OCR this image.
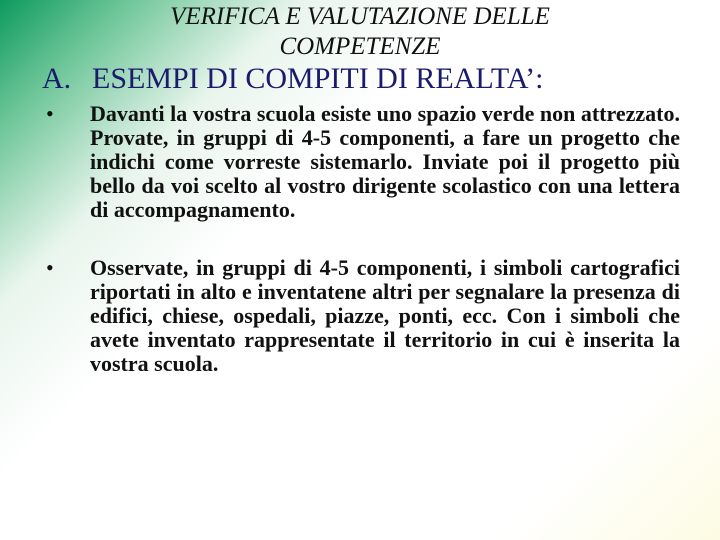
VERIFICA E VALUTAZIONE DELLE COMPETENZE
A. ESEMPI DI COMPITI DI REALTA’:
• Davanti la vostra scuola esiste uno spazio verde non attrezzato. Provate, in gruppi di 4-5 componenti, a fare un progetto che indichi come vorreste sistemarlo. Inviate poi il progetto più bello da voi scelto al vostro dirigente scolastico con una lettera di accompagnamento.
• Osservate, in gruppi di 4-5 componenti, i simboli cartografici riportati in alto e inventatene altri per segnalare la presenza di edifici, chiese, ospedali, piazze, ponti, ecc. Con i simboli che avete inventato rappresentate il territorio in cui è inserita la vostra scuola.
